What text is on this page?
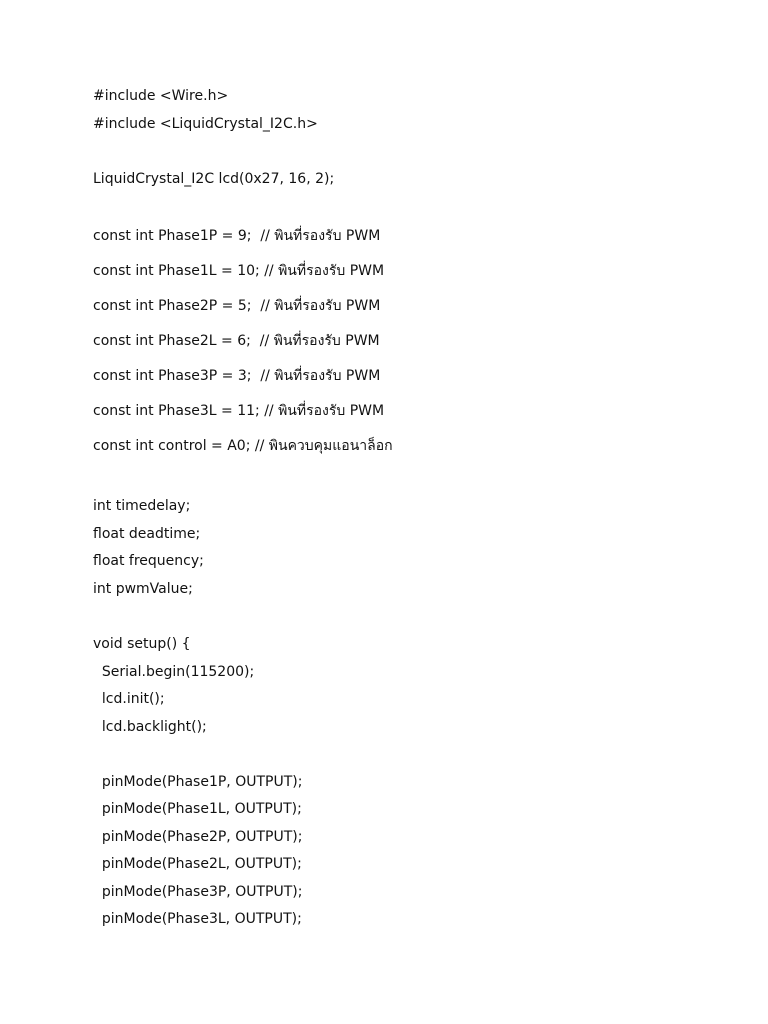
#include <Wire.h>
#include <LiquidCrystal_I2C.h>
LiquidCrystal_I2C lcd(0x27, 16, 2);
const int Phase1P = 9;  // พินที่รองรับ PWM
const int Phase1L = 10; // พินที่รองรับ PWM
const int Phase2P = 5;  // พินที่รองรับ PWM
const int Phase2L = 6;  // พินที่รองรับ PWM
const int Phase3P = 3;  // พินที่รองรับ PWM
const int Phase3L = 11; // พินที่รองรับ PWM
const int control = A0; // พินควบคุมแอนาล็อก
int timedelay;
float deadtime;
float frequency;
int pwmValue;
void setup() {
Serial.begin(115200);
lcd.init();
lcd.backlight();
pinMode(Phase1P, OUTPUT);
pinMode(Phase1L, OUTPUT);
pinMode(Phase2P, OUTPUT);
pinMode(Phase2L, OUTPUT);
pinMode(Phase3P, OUTPUT);
pinMode(Phase3L, OUTPUT);
